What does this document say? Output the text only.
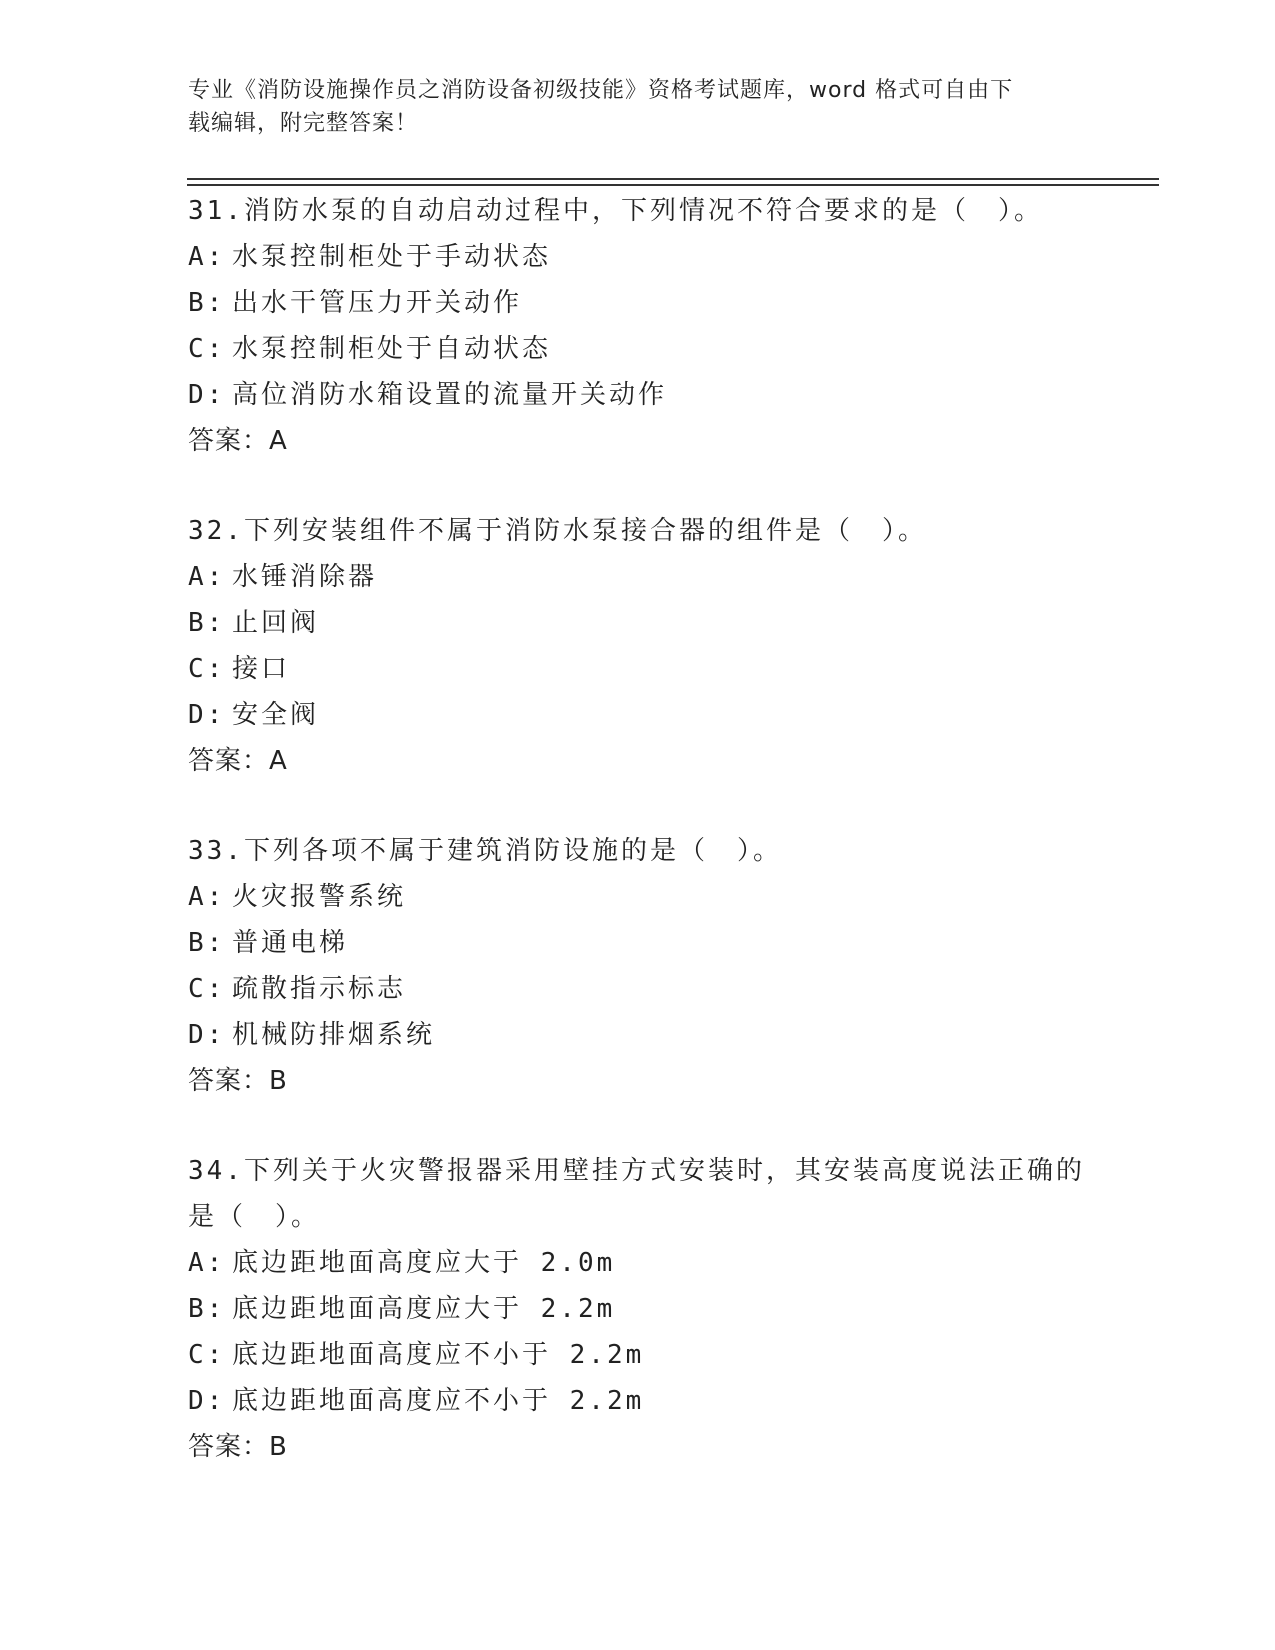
专业《消防设施操作员之消防设备初级技能》资格考试题库，word 格式可自由下
载编辑，附完整答案！
31.消防水泵的自动启动过程中，下列情况不符合要求的是（　）。
A: 水泵控制柜处于手动状态
B: 出水干管压力开关动作
C: 水泵控制柜处于自动状态
D: 高位消防水箱设置的流量开关动作
答案：A
32.下列安装组件不属于消防水泵接合器的组件是（　）。
A: 水锤消除器
B: 止回阀
C: 接口
D: 安全阀
答案：A
33.下列各项不属于建筑消防设施的是（　）。
A: 火灾报警系统
B: 普通电梯
C: 疏散指示标志
D: 机械防排烟系统
答案：B
34.下列关于火灾警报器采用壁挂方式安装时，其安装高度说法正确的
是（　）。
A: 底边距地面高度应大于 2.0m
B: 底边距地面高度应大于 2.2m
C: 底边距地面高度应不小于 2.2m
D: 底边距地面高度应不小于 2.2m
答案：B
